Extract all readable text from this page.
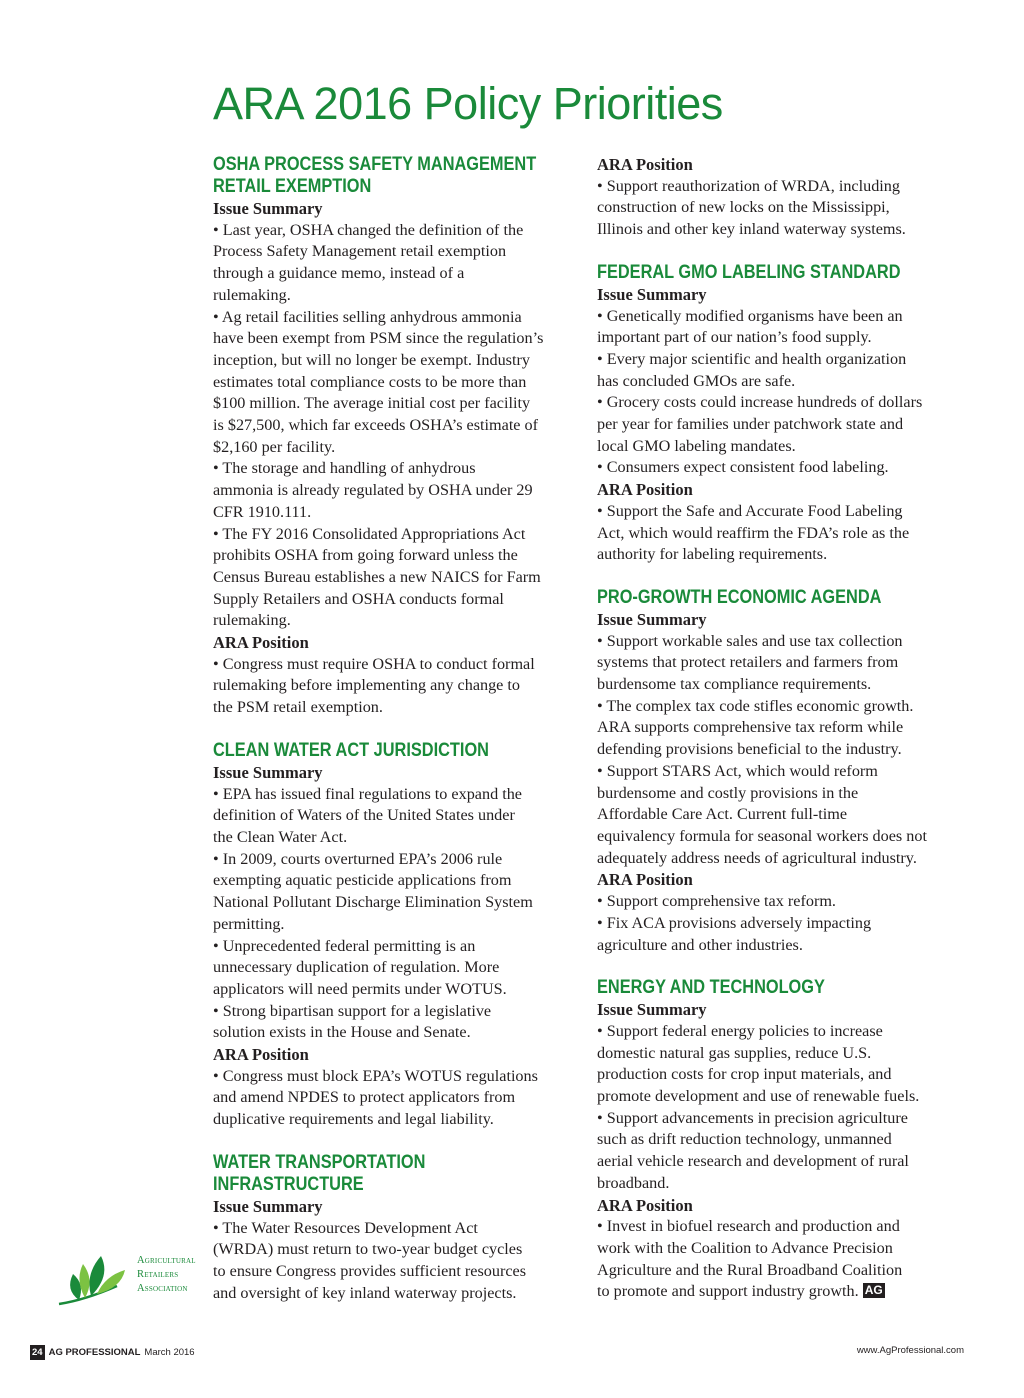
ARA 2016 Policy Priorities
OSHA PROCESS SAFETY MANAGEMENT
RETAIL EXEMPTION
Issue Summary
• Last year, OSHA changed the definition of the
Process Safety Management retail exemption
through a guidance memo, instead of a
rulemaking.
• Ag retail facilities selling anhydrous ammonia
have been exempt from PSM since the regulation’s
inception, but will no longer be exempt. Industry
estimates total compliance costs to be more than
$100 million. The average initial cost per facility
is $27,500, which far exceeds OSHA’s estimate of
$2,160 per facility.
• The storage and handling of anhydrous
ammonia is already regulated by OSHA under 29
CFR 1910.111.
• The FY 2016 Consolidated Appropriations Act
prohibits OSHA from going forward unless the
Census Bureau establishes a new NAICS for Farm
Supply Retailers and OSHA conducts formal
rulemaking.
ARA Position
• Congress must require OSHA to conduct formal
rulemaking before implementing any change to
the PSM retail exemption.
CLEAN WATER ACT JURISDICTION
Issue Summary
• EPA has issued final regulations to expand the
definition of Waters of the United States under
the Clean Water Act.
• In 2009, courts overturned EPA’s 2006 rule
exempting aquatic pesticide applications from
National Pollutant Discharge Elimination System
permitting.
• Unprecedented federal permitting is an
unnecessary duplication of regulation. More
applicators will need permits under WOTUS.
• Strong bipartisan support for a legislative
solution exists in the House and Senate.
ARA Position
• Congress must block EPA’s WOTUS regulations
and amend NPDES to protect applicators from
duplicative requirements and legal liability.
WATER TRANSPORTATION
INFRASTRUCTURE
Issue Summary
• The Water Resources Development Act
(WRDA) must return to two-year budget cycles
to ensure Congress provides sufficient resources
and oversight of key inland waterway projects.
ARA Position
• Support reauthorization of WRDA, including
construction of new locks on the Mississippi,
Illinois and other key inland waterway systems.
FEDERAL GMO LABELING STANDARD
Issue Summary
• Genetically modified organisms have been an
important part of our nation’s food supply.
• Every major scientific and health organization
has concluded GMOs are safe.
• Grocery costs could increase hundreds of dollars
per year for families under patchwork state and
local GMO labeling mandates.
• Consumers expect consistent food labeling.
ARA Position
• Support the Safe and Accurate Food Labeling
Act, which would reaffirm the FDA’s role as the
authority for labeling requirements.
PRO-GROWTH ECONOMIC AGENDA
Issue Summary
• Support workable sales and use tax collection
systems that protect retailers and farmers from
burdensome tax compliance requirements.
• The complex tax code stifles economic growth.
ARA supports comprehensive tax reform while
defending provisions beneficial to the industry.
• Support STARS Act, which would reform
burdensome and costly provisions in the
Affordable Care Act. Current full-time
equivalency formula for seasonal workers does not
adequately address needs of agricultural industry.
ARA Position
• Support comprehensive tax reform.
• Fix ACA provisions adversely impacting
agriculture and other industries.
ENERGY AND TECHNOLOGY
Issue Summary
• Support federal energy policies to increase
domestic natural gas supplies, reduce U.S.
production costs for crop input materials, and
promote development and use of renewable fuels.
• Support advancements in precision agriculture
such as drift reduction technology, unmanned
aerial vehicle research and development of rural
broadband.
ARA Position
• Invest in biofuel research and production and
work with the Coalition to Advance Precision
Agriculture and the Rural Broadband Coalition
to promote and support industry growth. AG
Agricultural
Retailers
Association
24 AG PROFESSIONAL March 2016	www.AgProfessional.com
